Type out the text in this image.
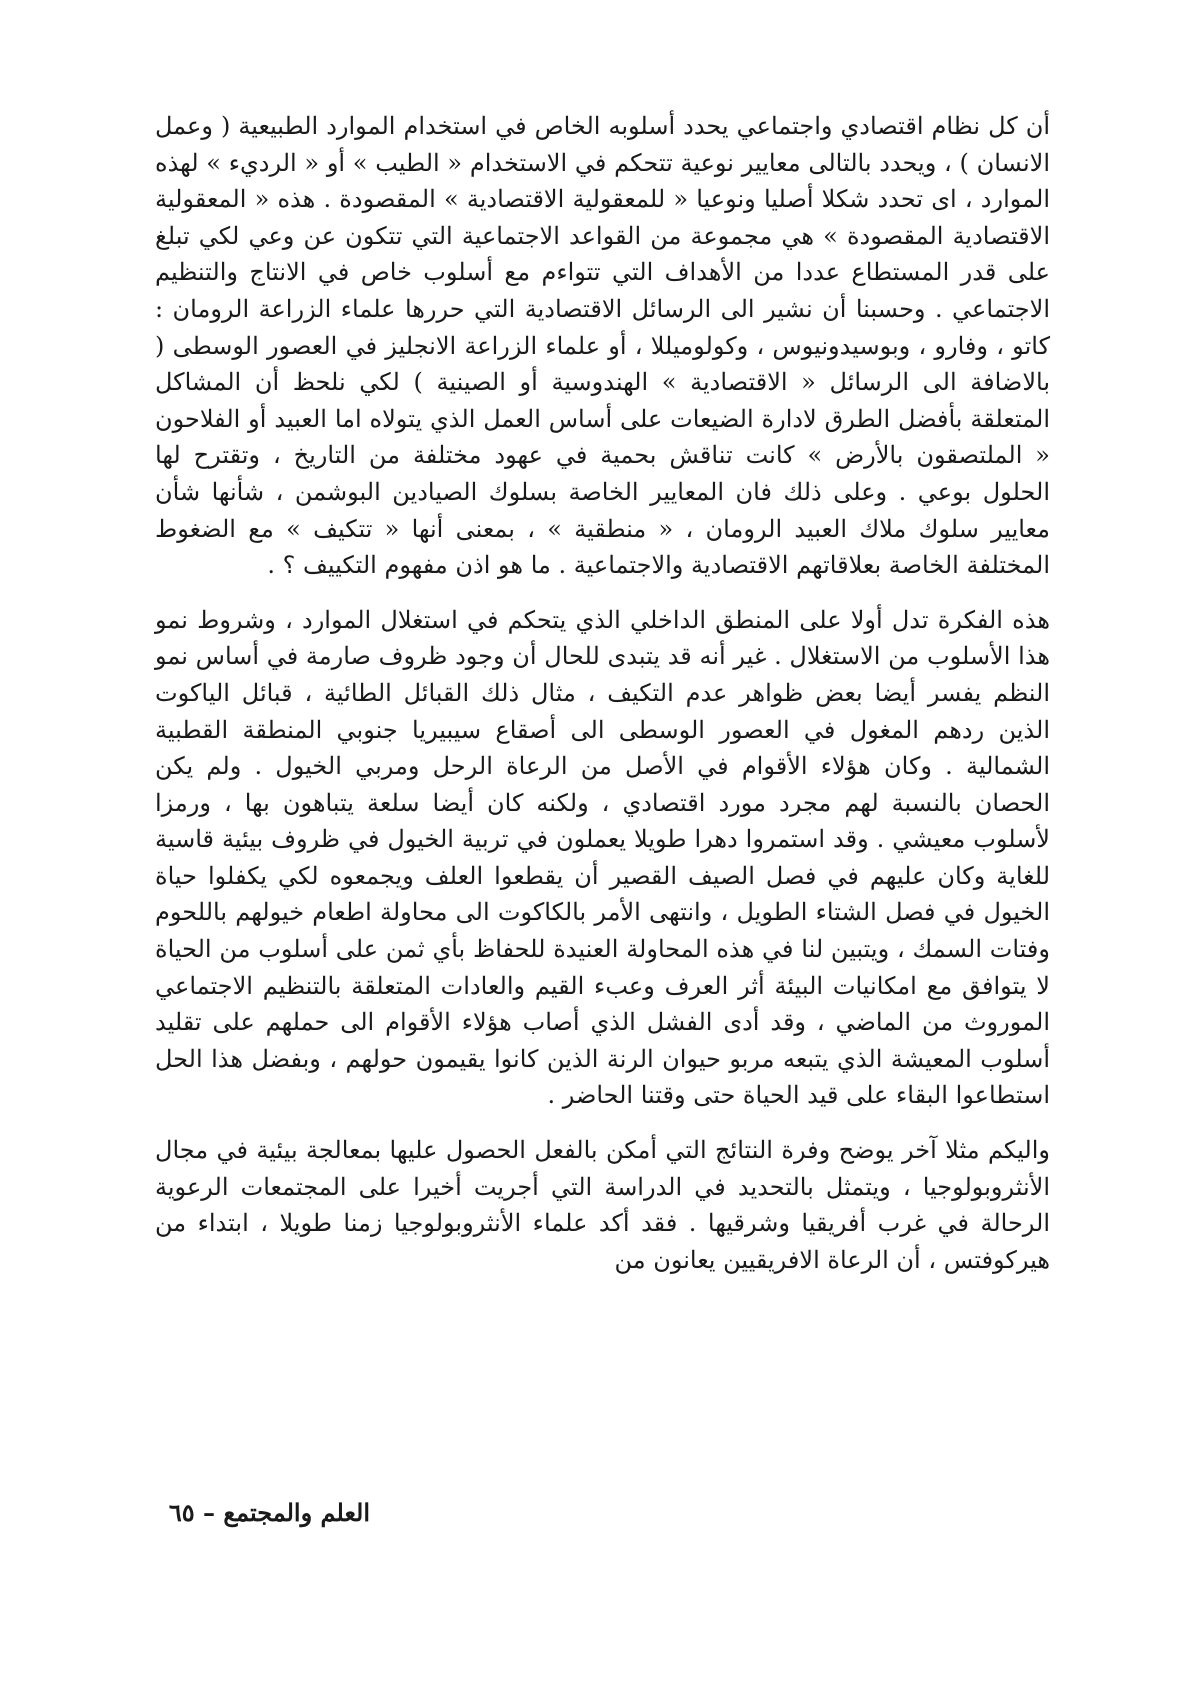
أن كل نظام اقتصادي واجتماعي يحدد أسلوبه الخاص في استخدام الموارد الطبيعية ( وعمل الانسان ) ، ويحدد بالتالى معايير نوعية تتحكم في الاستخدام « الطيب » أو « الرديء » لهذه الموارد ، اى تحدد شكلا أصليا ونوعيا « للمعقولية الاقتصادية » المقصودة . هذه « المعقولية الاقتصادية المقصودة » هي مجموعة من القواعد الاجتماعية التي تتكون عن وعي لكي تبلغ على قدر المستطاع عددا من الأهداف التي تتواءم مع أسلوب خاص في الانتاج والتنظيم الاجتماعي . وحسبنا أن نشير الى الرسائل الاقتصادية التي حررها علماء الزراعة الرومان : كاتو ، وفارو ، وبوسيدونيوس ، وكولوميللا ، أو علماء الزراعة الانجليز في العصور الوسطى ( بالاضافة الى الرسائل « الاقتصادية » الهندوسية أو الصينية ) لكي نلحظ أن المشاكل المتعلقة بأفضل الطرق لادارة الضيعات على أساس العمل الذي يتولاه اما العبيد أو الفلاحون « الملتصقون بالأرض » كانت تناقش بحمية في عهود مختلفة من التاريخ ، وتقترح لها الحلول بوعي . وعلى ذلك فان المعايير الخاصة بسلوك الصيادين البوشمن ، شأنها شأن معايير سلوك ملاك العبيد الرومان ، « منطقية » ، بمعنى أنها « تتكيف » مع الضغوط المختلفة الخاصة بعلاقاتهم الاقتصادية والاجتماعية . ما هو اذن مفهوم التكييف ؟ .

هذه الفكرة تدل أولا على المنطق الداخلي الذي يتحكم في استغلال الموارد ، وشروط نمو هذا الأسلوب من الاستغلال . غير أنه قد يتبدى للحال أن وجود ظروف صارمة في أساس نمو النظم يفسر أيضا بعض ظواهر عدم التكيف ، مثال ذلك القبائل الطائية ، قبائل الياكوت الذين ردهم المغول في العصور الوسطى الى أصقاع سيبيريا جنوبي المنطقة القطبية الشمالية . وكان هؤلاء الأقوام في الأصل من الرعاة الرحل ومربي الخيول . ولم يكن الحصان بالنسبة لهم مجرد مورد اقتصادي ، ولكنه كان أيضا سلعة يتباهون بها ، ورمزا لأسلوب معيشي . وقد استمروا دهرا طويلا يعملون في تربية الخيول في ظروف بيئية قاسية للغاية وكان عليهم في فصل الصيف القصير أن يقطعوا العلف ويجمعوه لكي يكفلوا حياة الخيول في فصل الشتاء الطويل ، وانتهى الأمر بالكاكوت الى محاولة اطعام خيولهم باللحوم وفتات السمك ، ويتبين لنا في هذه المحاولة العنيدة للحفاظ بأي ثمن على أسلوب من الحياة لا يتوافق مع امكانيات البيئة أثر العرف وعبء القيم والعادات المتعلقة بالتنظيم الاجتماعي الموروث من الماضي ، وقد أدى الفشل الذي أصاب هؤلاء الأقوام الى حملهم على تقليد أسلوب المعيشة الذي يتبعه مربو حيوان الرنة الذين كانوا يقيمون حولهم ، وبفضل هذا الحل استطاعوا البقاء على قيد الحياة حتى وقتنا الحاضر .

واليكم مثلا آخر يوضح وفرة النتائج التي أمكن بالفعل الحصول عليها بمعالجة بيئية في مجال الأنثروبولوجيا ، ويتمثل بالتحديد في الدراسة التي أجريت أخيرا على المجتمعات الرعوية الرحالة في غرب أفريقيا وشرقيها . فقد أكد علماء الأنثروبولوجيا زمنا طويلا ، ابتداء من هيركوفتس ، أن الرعاة الافريقيين يعانون من

العلم والمجتمع – ٦٥
